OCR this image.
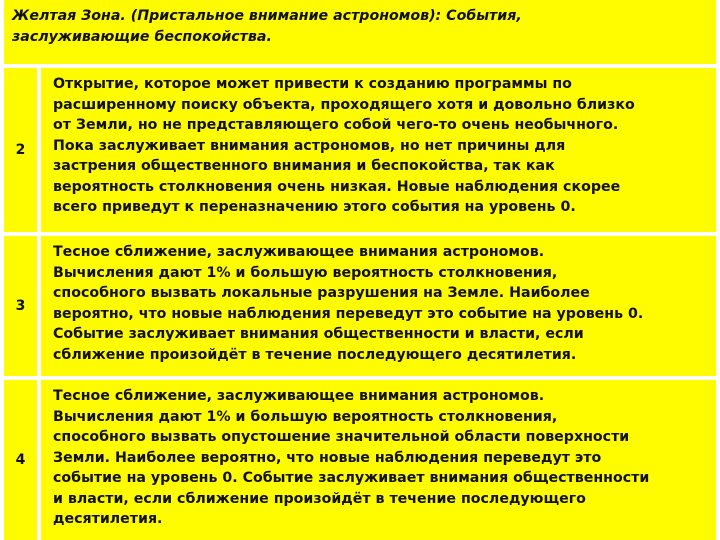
Желтая Зона. (Пристальное внимание астрономов): События,
заслуживающие беспокойства.
2
Открытие, которое может привести к созданию программы по
расширенному поиску объекта, проходящего хотя и довольно близко
от Земли, но не представляющего собой чего-то очень необычного.
Пока заслуживает внимания астрономов, но нет причины для
застрения общественного внимания и беспокойства, так как
вероятность столкновения очень низкая. Новые наблюдения скорее
всего приведут к переназначению этого события на уровень 0.
3
Тесное сближение, заслуживающее внимания астрономов.
Вычисления дают 1% и большую вероятность столкновения,
способного вызвать локальные разрушения на Земле. Наиболее
вероятно, что новые наблюдения переведут это событие на уровень 0.
Событие заслуживает внимания общественности и власти, если
сближение произойдёт в течение последующего десятилетия.
4
Тесное сближение, заслуживающее внимания астрономов.
Вычисления дают 1% и большую вероятность столкновения,
способного вызвать опустошение значительной области поверхности
Земли. Наиболее вероятно, что новые наблюдения переведут это
событие на уровень 0. Событие заслуживает внимания общественности
и власти, если сближение произойдёт в течение последующего
десятилетия.
